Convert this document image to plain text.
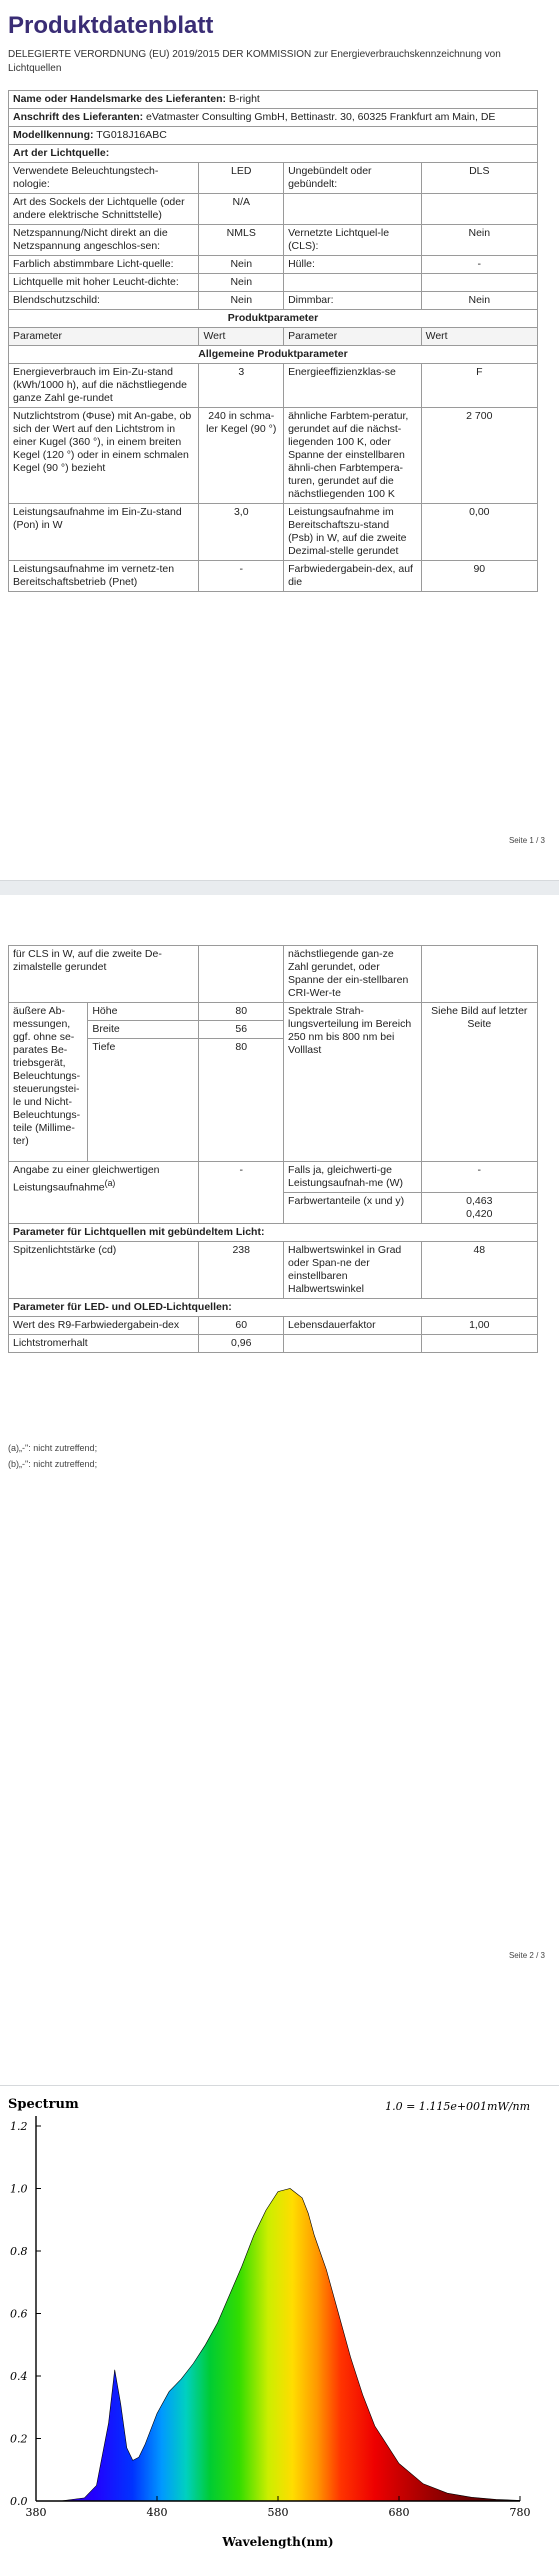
Produktdatenblatt
DELEGIERTE VERORDNUNG (EU) 2019/2015 DER KOMMISSION zur Energieverbrauchskennzeichnung von Lichtquellen
Name oder Handelsmarke des Lieferanten: B-right			
Anschrift des Lieferanten: eVatmaster Consulting GmbH, Bettinastr. 30, 60325 Frankfurt am Main, DE			
Modellkennung: TG018J16ABC			
Art der Lichtquelle:			
Verwendete Beleuchtungstech-nologie:	LED	Ungebündelt oder gebündelt:	DLS
Art des Sockels der Lichtquelle (oder andere elektrische Schnittstelle)	N/A		
Netzspannung/Nicht direkt an die Netzspannung angeschlos-sen:	NMLS	Vernetzte Lichtquel-le (CLS):	Nein
Farblich abstimmbare Licht-quelle:	Nein	Hülle:	-
Lichtquelle mit hoher Leucht-dichte:	Nein		
Blendschutzschild:	Nein	Dimmbar:	Nein
Produktparameter			
Parameter	Wert	Parameter	Wert
Allgemeine Produktparameter			
Energieverbrauch im Ein-Zu-stand (kWh/1000 h), auf die nächstliegende ganze Zahl ge-rundet	3	Energieeffizienzklas-se	F
Nutzlichtstrom (Φuse) mit An-gabe, ob sich der Wert auf den Lichtstrom in einer Kugel (360 °), in einem breiten Kegel (120 °) oder in einem schmalen Kegel (90 °) bezieht	240 in schma-ler Kegel (90 °)	ähnliche Farbtem-peratur, gerundet auf die nächst-liegenden 100 K, oder Spanne der einstellbaren ähnli-chen Farbtempera-turen, gerundet auf die nächstliegenden 100 K	2 700
Leistungsaufnahme im Ein-Zu-stand (Pon) in W	3,0	Leistungsaufnahme im Bereitschaftszu-stand (Psb) in W, auf die zweite Dezimal-stelle gerundet	0,00
Leistungsaufnahme im vernetz-ten Bereitschaftsbetrieb (Pnet)	-	Farbwiedergabein-dex, auf die	90
Seite 1 / 3
für CLS in W, auf die zweite De-zimalstelle gerundet			nächstliegende gan-ze Zahl gerundet, oder Spanne der ein-stellbaren CRI-Wer-te	
äußere Ab-messungen, ggf. ohne se-parates Be-triebsgerät, Beleuchtungs-steuerungstei-le und Nicht-Beleuchtungs-teile (Millime-ter)	Höhe	80	Spektrale Strah-lungsverteilung im Bereich 250 nm bis 800 nm bei Volllast	Siehe Bild auf letzter Seite
	Breite	56		
	Tiefe	80		
Angabe zu einer gleichwertigen Leistungsaufnahme$^{(a)}$		-	Falls ja, gleichwerti-ge Leistungsaufnah-me (W)	-
			Farbwertanteile (x und y)	0,463
0,420

Parameter für Lichtquellen mit gebündeltem Licht:				
Spitzenlichtstärke (cd)		238	Halbwertswinkel in Grad oder Span-ne der einstellbaren Halbwertswinkel	48
Parameter für LED- und OLED-Lichtquellen:				
Wert des R9-Farbwiedergabein-dex		60	Lebensdauerfaktor	1,00
Lichtstromerhalt		0,96		
(a)„-": nicht zutreffend;
(b)„-": nicht zutreffend;
Seite 2 / 3
Spectrum	1.0 = 1.115e+001mW/nm
0.0
0.2
0.4
0.6
0.8
1.0
1.2
380	480	580	680	780
Wavelength(nm)
